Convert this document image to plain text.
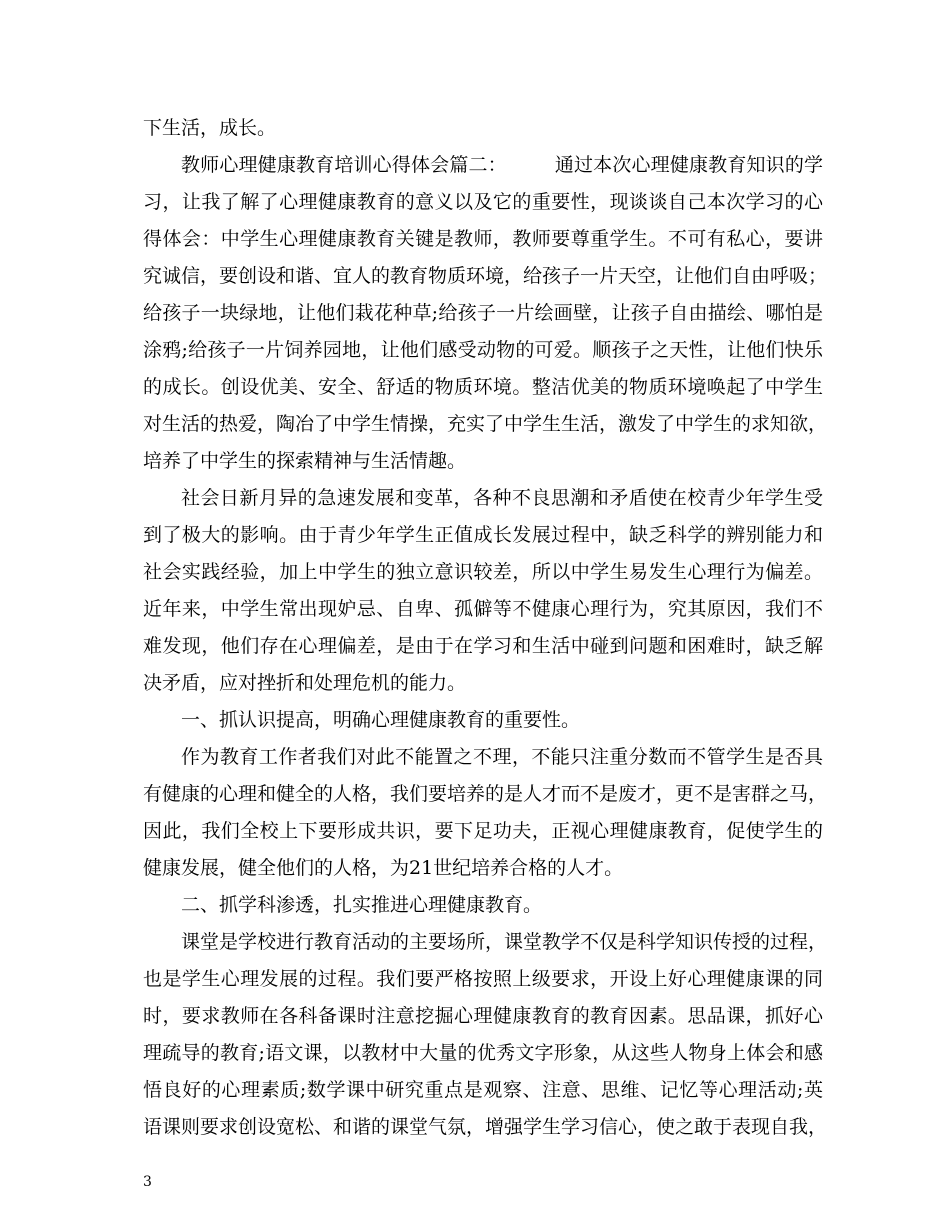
下生活，成长。
教师心理健康教育培训心得体会篇二：　　　通过本次心理健康教育知识的学
习，让我了解了心理健康教育的意义以及它的重要性，现谈谈自己本次学习的心
得体会：中学生心理健康教育关键是教师，教师要尊重学生。不可有私心，要讲
究诚信，要创设和谐、宜人的教育物质环境，给孩子一片天空，让他们自由呼吸；
给孩子一块绿地，让他们栽花种草;给孩子一片绘画壁，让孩子自由描绘、哪怕是
涂鸦;给孩子一片饲养园地，让他们感受动物的可爱。顺孩子之天性，让他们快乐
的成长。创设优美、安全、舒适的物质环境。整洁优美的物质环境唤起了中学生
对生活的热爱，陶冶了中学生情操，充实了中学生生活，激发了中学生的求知欲，
培养了中学生的探索精神与生活情趣。
社会日新月异的急速发展和变革，各种不良思潮和矛盾使在校青少年学生受
到了极大的影响。由于青少年学生正值成长发展过程中，缺乏科学的辨别能力和
社会实践经验，加上中学生的独立意识较差，所以中学生易发生心理行为偏差。
近年来，中学生常出现妒忌、自卑、孤僻等不健康心理行为，究其原因，我们不
难发现，他们存在心理偏差，是由于在学习和生活中碰到问题和困难时，缺乏解
决矛盾，应对挫折和处理危机的能力。
一、抓认识提高，明确心理健康教育的重要性。
作为教育工作者我们对此不能置之不理，不能只注重分数而不管学生是否具
有健康的心理和健全的人格，我们要培养的是人才而不是废才，更不是害群之马，
因此，我们全校上下要形成共识，要下足功夫，正视心理健康教育，促使学生的
健康发展，健全他们的人格，为21世纪培养合格的人才。
二、抓学科渗透，扎实推进心理健康教育。
课堂是学校进行教育活动的主要场所，课堂教学不仅是科学知识传授的过程，
也是学生心理发展的过程。我们要严格按照上级要求，开设上好心理健康课的同
时，要求教师在各科备课时注意挖掘心理健康教育的教育因素。思品课，抓好心
理疏导的教育;语文课，以教材中大量的优秀文字形象，从这些人物身上体会和感
悟良好的心理素质;数学课中研究重点是观察、注意、思维、记忆等心理活动;英
语课则要求创设宽松、和谐的课堂气氛，增强学生学习信心，使之敢于表现自我，
3
